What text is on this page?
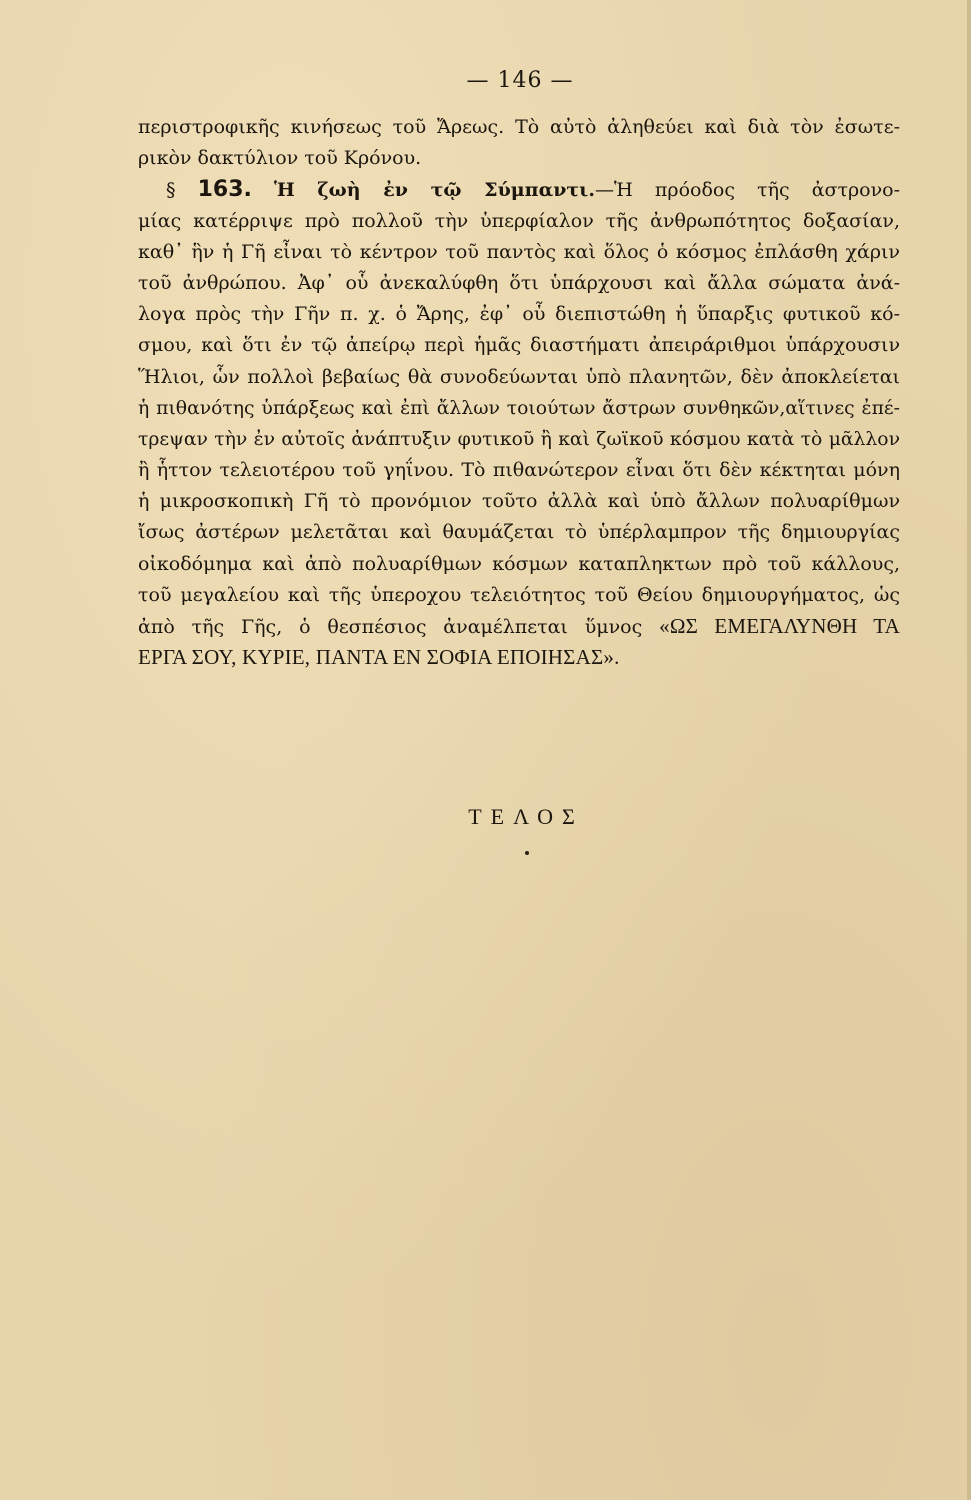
— 146 —
περιστροφικῆς κινήσεως τοῦ Ἄρεως. Τὸ αὐτὸ ἀληθεύει καὶ διὰ τὸν ἐσωτε-
ρικὸν δακτύλιον τοῦ Κρόνου.
§ 163. Ἡ ζωὴ ἐν τῷ Σύμπαντι.—Ἡ πρόοδος τῆς ἀστρονο-
μίας κατέρριψε πρὸ πολλοῦ τὴν ὑπερφίαλον τῆς ἀνθρωπότητος δοξασίαν,
καθ᾽ ἣν ἡ Γῆ εἶναι τὸ κέντρον τοῦ παντὸς καὶ ὅλος ὁ κόσμος ἐπλάσθη χάριν
τοῦ ἀνθρώπου. Ἀφ᾽ οὗ ἀνεκαλύφθη ὅτι ὑπάρχουσι καὶ ἄλλα σώματα ἀνά-
λογα πρὸς τὴν Γῆν π. χ. ὁ Ἄρης, ἐφ᾽ οὗ διεπιστώθη ἡ ὕπαρξις φυτικοῦ κό-
σμου, καὶ ὅτι ἐν τῷ ἀπείρῳ περὶ ἡμᾶς διαστήματι ἀπειράριθμοι ὑπάρχουσιν
Ἥλιοι, ὧν πολλοὶ βεβαίως θὰ συνοδεύωνται ὑπὸ πλανητῶν, δὲν ἀποκλείεται
ἡ πιθανότης ὑπάρξεως καὶ ἐπὶ ἄλλων τοιούτων ἄστρων συνθηκῶν,αἵτινες ἐπέ-
τρεψαν τὴν ἐν αὐτοῖς ἀνάπτυξιν φυτικοῦ ἢ καὶ ζωϊκοῦ κόσμου κατὰ τὸ μᾶλλον
ἢ ἧττον τελειοτέρου τοῦ γηΐνου. Τὸ πιθανώτερον εἶναι ὅτι δὲν κέκτηται μόνη
ἡ μικροσκοπικὴ Γῆ τὸ προνόμιον τοῦτο ἀλλὰ καὶ ὑπὸ ἄλλων πολυαρίθμων
ἴσως ἀστέρων μελετᾶται καὶ θαυμάζεται τὸ ὑπέρλαμπρον τῆς δημιουργίας
οἰκοδόμημα καὶ ἀπὸ πολυαρίθμων κόσμων καταπληκτων πρὸ τοῦ κάλλους,
τοῦ μεγαλείου καὶ τῆς ὑπεροχου τελειότητος τοῦ Θείου δημιουργήματος, ὡς
ἀπὸ τῆς Γῆς, ὁ θεσπέσιος ἀναμέλπεται ὕμνος «ΩΣ ΕΜΕΓΑΛΥΝΘΗ ΤΑ
ΕΡΓΑ ΣΟΥ, ΚΥΡΙΕ, ΠΑΝΤΑ ΕΝ ΣΟΦΙΑ ΕΠΟΙΗΣΑΣ».
ΤΕΛΟΣ
